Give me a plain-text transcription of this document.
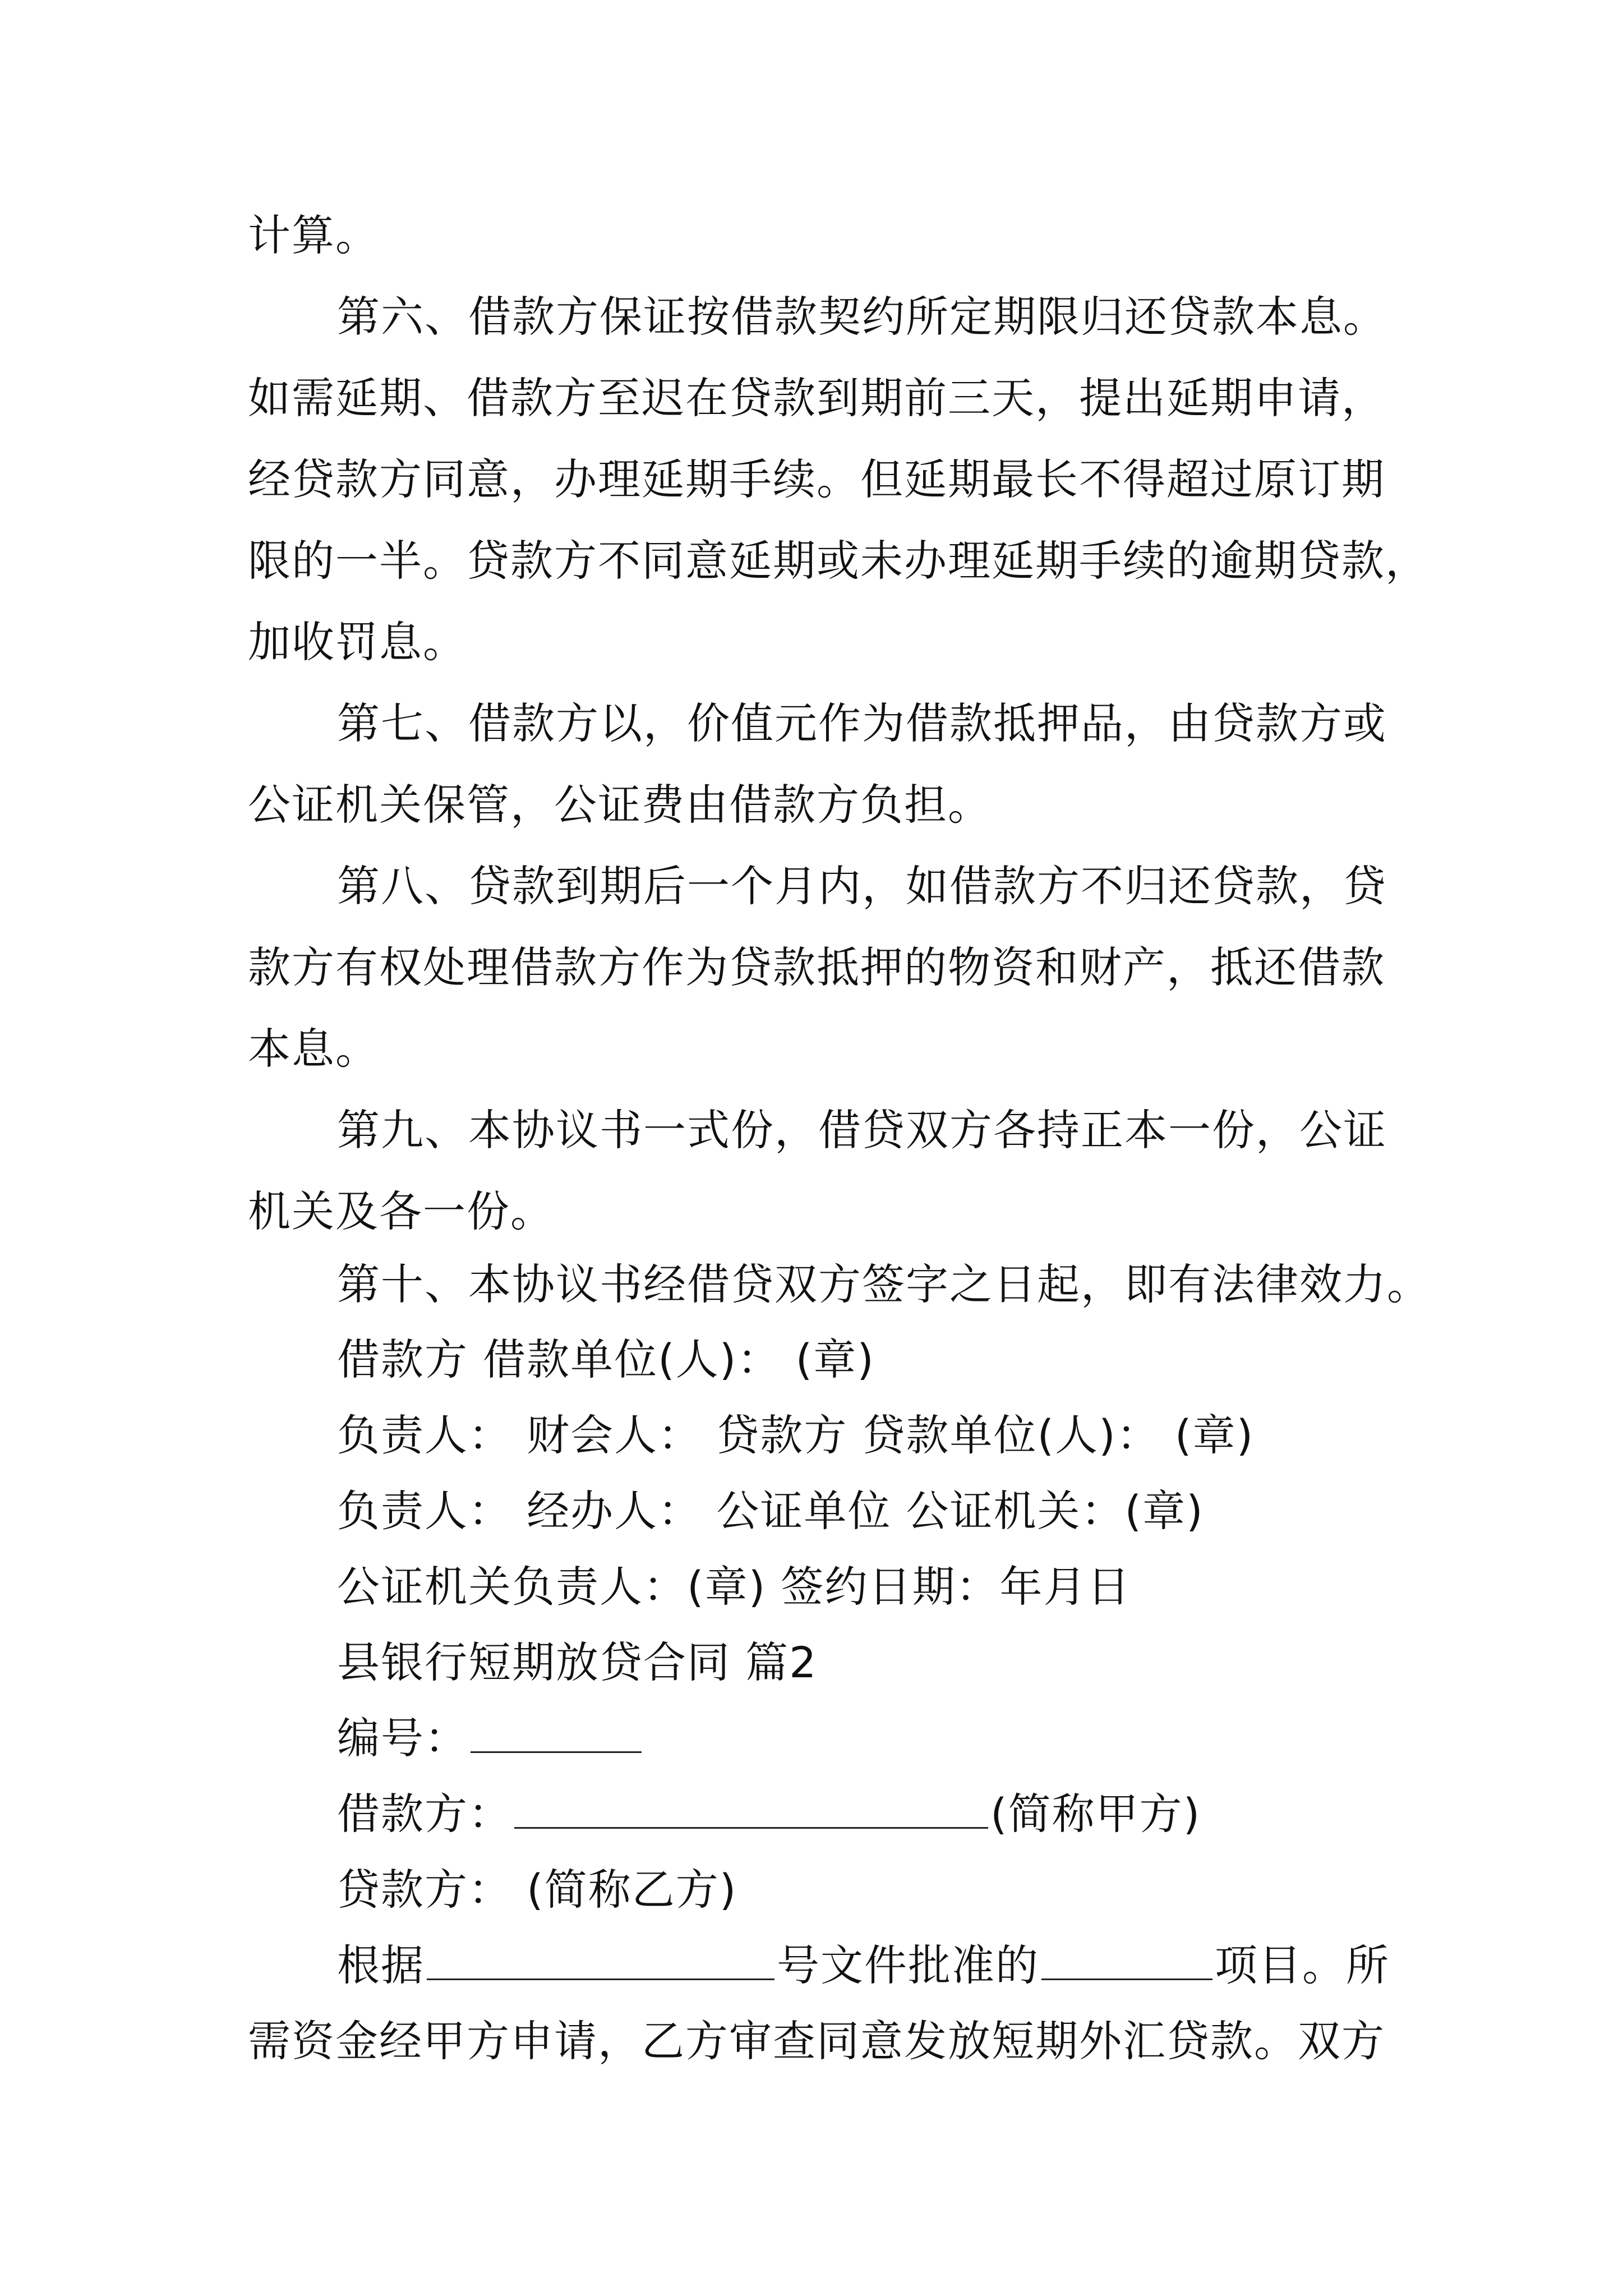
计算。
第六、借款方保证按借款契约所定期限归还贷款本息。
如需延期、借款方至迟在贷款到期前三天，提出延期申请，
经贷款方同意，办理延期手续。但延期最长不得超过原订期
限的一半。贷款方不同意延期或未办理延期手续的逾期贷款，
加收罚息。
第七、借款方以，价值元作为借款抵押品，由贷款方或
公证机关保管，公证费由借款方负担。
第八、贷款到期后一个月内，如借款方不归还贷款，贷
款方有权处理借款方作为贷款抵押的物资和财产，抵还借款
本息。
第九、本协议书一式份，借贷双方各持正本一份，公证
机关及各一份。
第十、本协议书经借贷双方签字之日起，即有法律效力。
借款方 借款单位(人)： (章)
负责人： 财会人： 贷款方 贷款单位(人)： (章)
负责人： 经办人： 公证单位 公证机关：(章)
公证机关负责人：(章) 签约日期：年月日
县银行短期放贷合同 篇2
编号：
借款方：	(简称甲方)
贷款方： (简称乙方)
根据	号文件批准的	项目。所
需资金经甲方申请，乙方审查同意发放短期外汇贷款。双方
